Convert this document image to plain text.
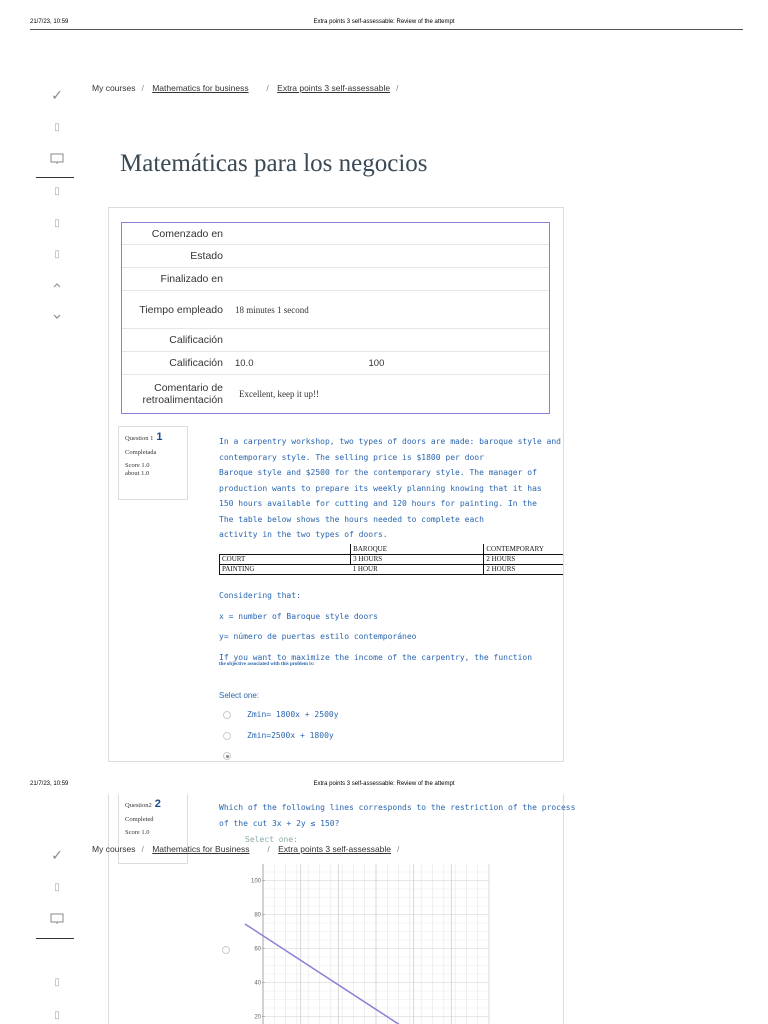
21/7/23, 10:59	Extra points 3 self-assessable: Review of the attempt
✓
▯
▯
▯
▯
My courses / Mathematics for business / Extra points 3 self-assessable /
Matemáticas para los negocios
Comenzado en
Estado
Finalizado en
Tiempo empleado	18 minutes 1 second
Calificación
Calificación 10.0	100
Comentario de retroalimentación	Excellent, keep it up!!
Question 1 1
Completada
Score 1.0
about 1.0
In a carpentry workshop, two types of doors are made: baroque style and
contemporary style. The selling price is $1800 per door
Baroque style and $2500 for the contemporary style. The manager of
production wants to prepare its weekly planning knowing that it has
150 hours available for cutting and 120 hours for painting. In the
The table below shows the hours needed to complete each
activity in the two types of doors.
	BAROQUE	CONTEMPORARY
COURT	3 HOURS	2 HOURS
PAINTING	1 HOUR	2 HOURS
Considering that:
x = number of Baroque style doors
y= número de puertas estilo contemporáneo
If you want to maximize the income of the carpentry, the function
the objective associated with this problem is:
Select one:
Zmin= 1800x + 2500y
Zmin=2500x + 1800y
21/7/23, 10:59	Extra points 3 self-assessable: Review of the attempt
Question2 2
Completed
Score 1.0
Which of the following lines corresponds to the restriction of the process
of the cut 3x + 2y ≤ 150?
Select one:
✓
▯
▯
▯
My courses / Mathematics for Business / Extra points 3 self-assessable /
100
80
60
40
20
